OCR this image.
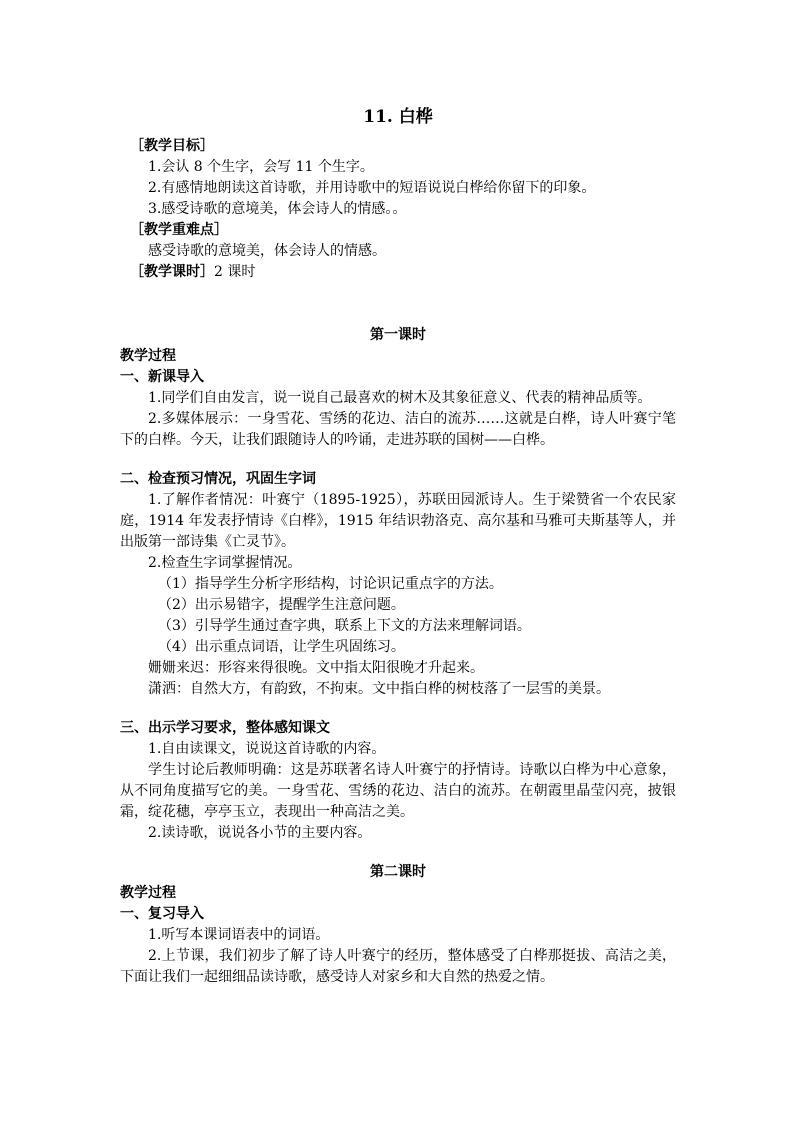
11. 白桦

［教学目标］

1.会认 8 个生字，会写 11 个生字。

2.有感情地朗读这首诗歌，并用诗歌中的短语说说白桦给你留下的印象。

3.感受诗歌的意境美，体会诗人的情感。。

［教学重难点］

感受诗歌的意境美，体会诗人的情感。

［教学课时］2 课时

第一课时

教学过程

一、新课导入

1.同学们自由发言，说一说自己最喜欢的树木及其象征意义、代表的精神品质等。

2.多媒体展示：一身雪花、雪绣的花边、洁白的流苏……这就是白桦，诗人叶赛宁笔下的白桦。今天，让我们跟随诗人的吟诵，走进苏联的国树——白桦。

二、检查预习情况，巩固生字词

1.了解作者情况：叶赛宁（1895-1925），苏联田园派诗人。生于梁赞省一个农民家庭，1914 年发表抒情诗《白桦》，1915 年结识勃洛克、高尔基和马雅可夫斯基等人，并出版第一部诗集《亡灵节》。

2.检查生字词掌握情况。

（1）指导学生分析字形结构，讨论识记重点字的方法。

（2）出示易错字，提醒学生注意问题。

（3）引导学生通过查字典，联系上下文的方法来理解词语。

（4）出示重点词语，让学生巩固练习。

姗姗来迟：形容来得很晚。文中指太阳很晚才升起来。

潇洒：自然大方，有韵致，不拘束。文中指白桦的树枝落了一层雪的美景。

三、出示学习要求，整体感知课文

1.自由读课文，说说这首诗歌的内容。

学生讨论后教师明确：这是苏联著名诗人叶赛宁的抒情诗。诗歌以白桦为中心意象，从不同角度描写它的美。一身雪花、雪绣的花边、洁白的流苏。在朝霞里晶莹闪亮，披银霜，绽花穗，亭亭玉立，表现出一种高洁之美。

2.读诗歌，说说各小节的主要内容。

第二课时

教学过程

一、复习导入

1.听写本课词语表中的词语。

2.上节课，我们初步了解了诗人叶赛宁的经历，整体感受了白桦那挺拔、高洁之美，下面让我们一起细细品读诗歌，感受诗人对家乡和大自然的热爱之情。
